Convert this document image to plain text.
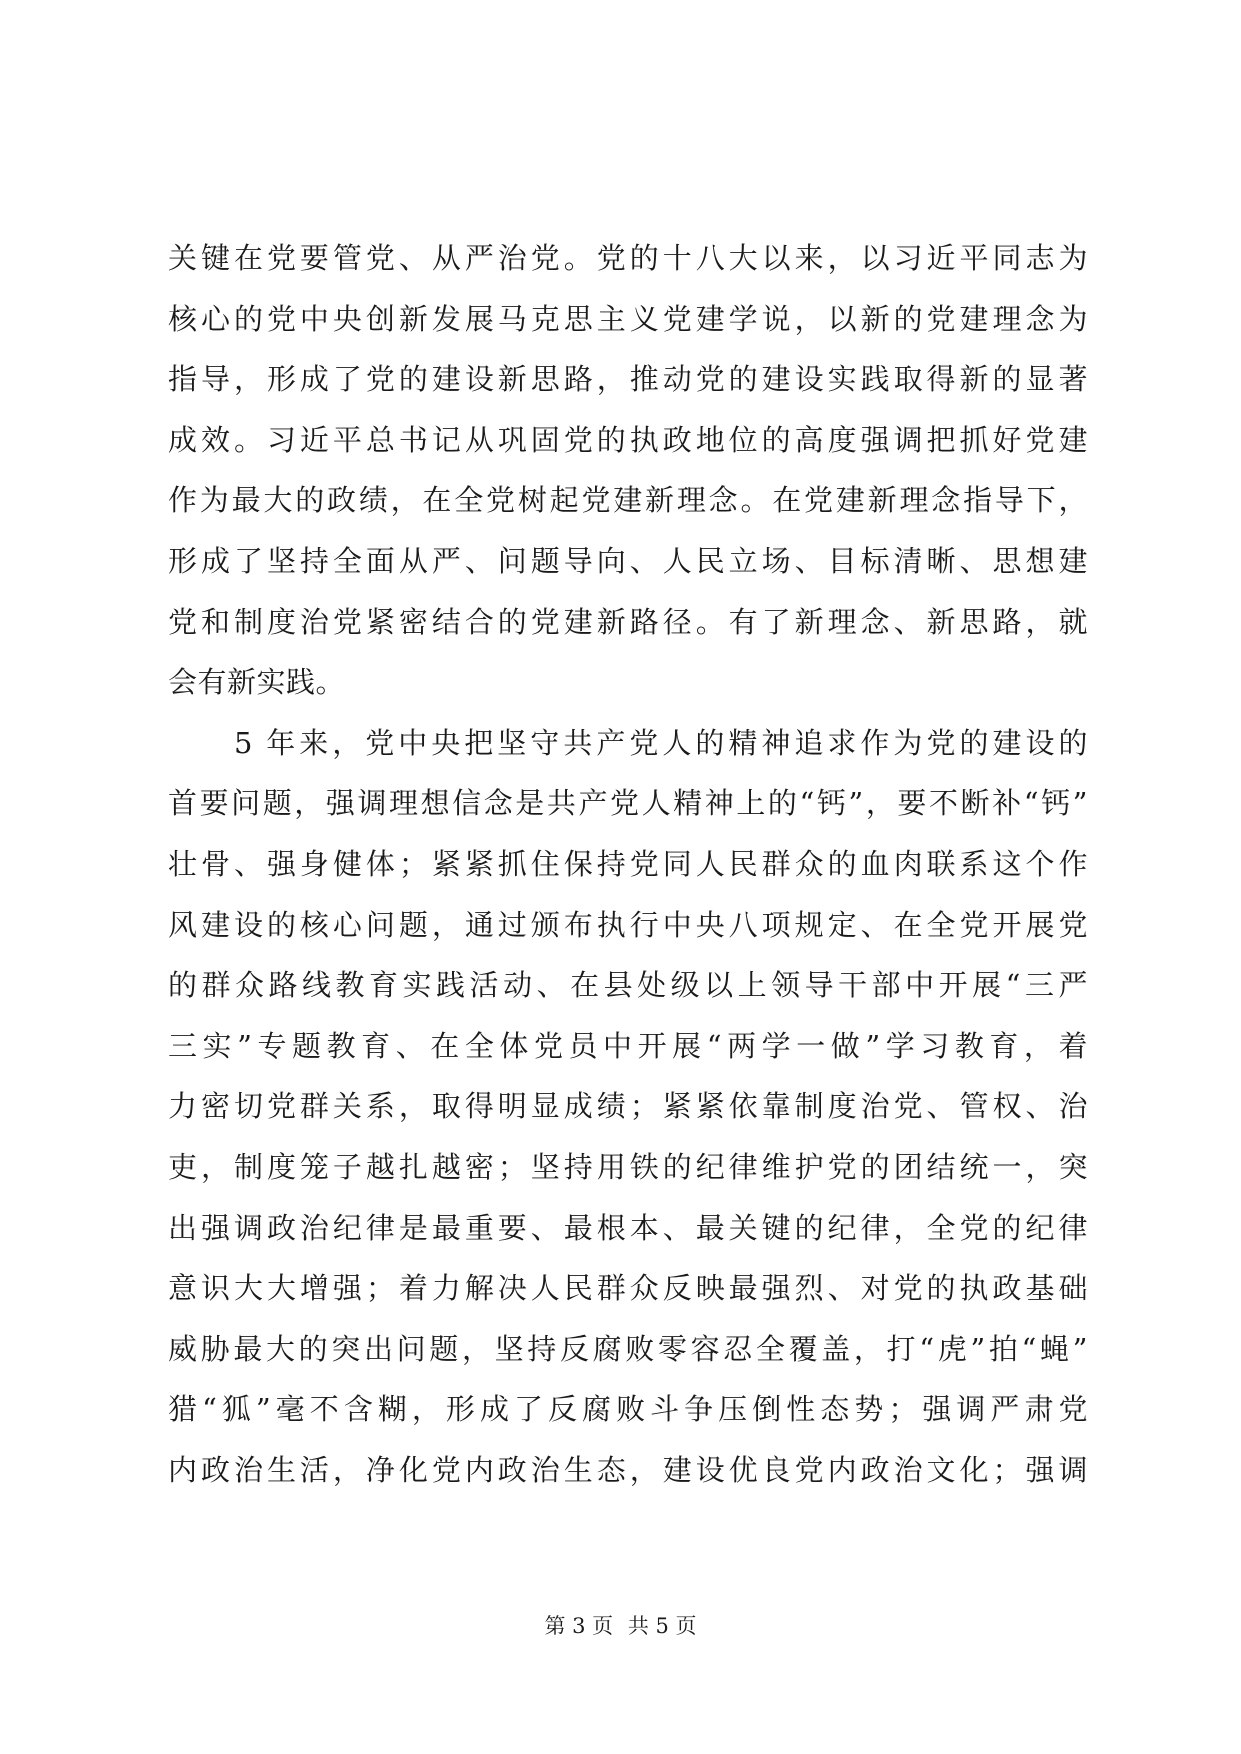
关键在党要管党、从严治党。党的十八大以来，以习近平同志为
核心的党中央创新发展马克思主义党建学说，以新的党建理念为
指导，形成了党的建设新思路，推动党的建设实践取得新的显著
成效。习近平总书记从巩固党的执政地位的高度强调把抓好党建
作为最大的政绩，在全党树起党建新理念。在党建新理念指导下，
形成了坚持全面从严、问题导向、人民立场、目标清晰、思想建
党和制度治党紧密结合的党建新路径。有了新理念、新思路，就
会有新实践。
　　5 年来，党中央把坚守共产党人的精神追求作为党的建设的
首要问题，强调理想信念是共产党人精神上的“钙”，要不断补“钙”
壮骨、强身健体；紧紧抓住保持党同人民群众的血肉联系这个作
风建设的核心问题，通过颁布执行中央八项规定、在全党开展党
的群众路线教育实践活动、在县处级以上领导干部中开展“三严
三实”专题教育、在全体党员中开展“两学一做”学习教育，着
力密切党群关系，取得明显成绩；紧紧依靠制度治党、管权、治
吏，制度笼子越扎越密；坚持用铁的纪律维护党的团结统一，突
出强调政治纪律是最重要、最根本、最关键的纪律，全党的纪律
意识大大增强；着力解决人民群众反映最强烈、对党的执政基础
威胁最大的突出问题，坚持反腐败零容忍全覆盖，打“虎”拍“蝇”
猎“狐”毫不含糊，形成了反腐败斗争压倒性态势；强调严肃党
内政治生活，净化党内政治生态，建设优良党内政治文化；强调
第 3 页 共 5 页
